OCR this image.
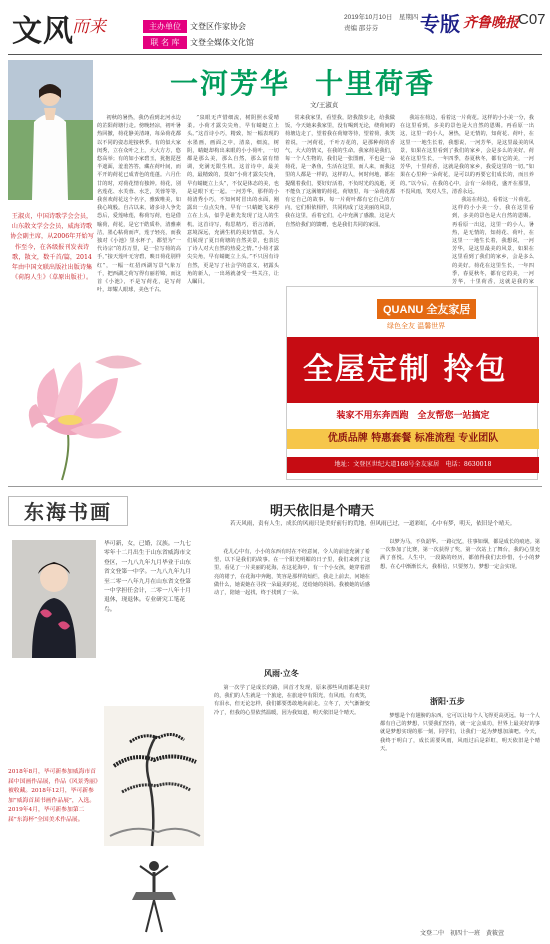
文风
而来	主办单位	文登区作家协会
联 名 库	文登全媒体文化馆
2019年10月10日　星期四
责编 邵芬芬 专版 齐鲁晚报 C07
一河芳华 十里荷香
文/王淑贞
王淑贞，中国诗歌学会会员，山东散文学会会员，威海诗歌协会副主席，从2006年开始写作至今，在各级报刊发表诗歌，散文，数千首/篇，2014年由中国文联出版社出版诗集《荷韵人生》（草原出版社）。

初秋的暑热，我仍看到北河水边的芷阳荷塘行走。傍晚轻凉，初叶暑热回撤，荷花静美清翊，每朵荷花都以不同的姿态迎接秋季。有的似大家闺秀，立在众叶之上，大大方方，悠悠高举；有的如小家碧玉，犹抱琵琶半遮面，羞羞答答，藏在荷叶间，而平开的荷花已成青色的莲蓬。六月仕廿的时，对荷花情有独钟。荷花，别名莲花、水芙蓉、水芝，芙蓉等等，我喜欢荷花这个名字，雅致唯美，如我心境般。自古以来，诸多诗人争先恐后，爱莲咏莲，称荷写荷，也是借喻荷，荷花，是它干皓质朴，清雅素洁，墨心粘荷而声，莲子轻亮，而我独对《小池》里水杯子，都望为”一代诗宗”的苏万里，是一位写荷的高手，”接天莲叶无穷碧，映日荷花别样红”，一幅一红招西湖写景气象万千，把西湖之荷写得有丽若锦，而这首《小池》，不是写荷花，是写荷叶，却耀人眼球，美色千古。

”泉眼无声惜细流，树阴照水爱晴柔。小荷才露尖尖角，早有蜻蜓立上头。”这首诗小巧，精致，短一幅表现的水墨画，画面之中，清泉，细流，树阴，蜻蜓却构出来眼的小小荷叶，一切都是那么美，那么自然，那么富有情调，充满无限生机。这首诗中，最美的，最精致的，莫如”小荷才露尖尖角，早有蜻蜓立上头”，不仅是体态的美，也是是眼下无一起。一河芳华，那样的小荷清秀小巧，不知何时冒出的水面，刚露出一点点尖角，早有一只蜻蜓飞来停立在上头，似乎是谁先发现了这人的生机。这首诗写，构思精巧，语言清新，意境深远，充满生机的美好情意，为人们展现了夏日荷塘的自然美景，也表达了诗人对大自然的热爱之情。”小荷才露尖尖角，早有蜻蜓立上头。”不只因有诗自然，更是写了社会学的意义，初露头角的新人，一出场就备受一些关注，让人瞩目。

常来我家里，看望我，陪我散步走，给我做饭，今天她来我家里，没有喝到无论，绕荷间的荷塘边走了，望着我在荷塘等待，望着荷，我笑着说，一河荷花，千叶万花的，是那种荷的香气，大大的情义，在我的生命。我家荷是我们，每一个人生物的，我们是一张图画，平也是一朵荷花，是一条鱼，生活在这里，而人来，而我这里的人都是一样的，这样的人，何时何地，都在提醒着我们，要好好活着，不负时光的流逝，更不能负了这满塘的荷花。荷塘里，每一朵荷花都有它自己的故事，每一片荷叶都有它自己的方向，它们相依相伴，共同构成了这美丽的风景，我在这里，看着它们，心中充满了感激，这是大自然给我们的馈赠，也是我们共同的家园。

我站在荷边，看着这一片荷花。这样的小小美一分，我在这里看到，多美的景色是大自然的恩赐。再看原一出这，这里一的小人，暑热，是无情的，知荷花、荷叶，在这里一一地生长着，我想说，一河芳华，是这里最美的风景，如果在这里看到了我们的家乡，会是多么的美好。荷花在这里生长，一年四季，春夏秋冬，都有它的美，一河芳华，十里荷香，这就是我的家乡，我爱这里的一切。”如果在心里种一朵荷花，是可以的再要它们成长的，而且养的。”以今后，在我的心中，会有一朵荷花，盛开在那里，不畏风雨，笑对人生，清香永远。

我站在荷边，看着这一片荷花。这样的小小美一分，我在这里看到，多美的景色是大自然的恩赐。再看原一出这，这里一的小人，暑热，是无情的，知荷花、荷叶，在这里一一地生长着，我想说，一河芳华，是这里最美的风景，如果在这里看到了我们的家乡，会是多么的美好。荷花在这里生长，一年四季，春夏秋冬，都有它的美，一河芳华，十里荷香，这就是我的家

QUANU 全友家居
绿色全友 温馨世界
全屋定制 拎包
装家不用东奔西跑　全友帮您一站搞定
优质品牌 特惠套餐 标准流程 专业团队
地址：文登区世纪大道168号全友家居　电话：8630018
东海书画	明天依旧是个晴天
若天风雨，责有人生，成长的风雨只是美好前行的荒地，但风雨已过，一道彩虹，心中有梦，明天，依旧是个晴天。
毕可新，女，已婚，汉族。一九七零年十二月出生于山东省威海市文登区，一九八九年九月毕业于山东省文登第一中学。一九八九年九月至二零一八年九月在山东省文登第一中学担任会计，二零一八年十月退休，现退休。专业研究工笔花鸟。
2018年8月，毕可新参加威海市首届中国画作品展，作品《风景秀丽》被收藏。2018年12月，毕可新参加”威海首届书画作品展”，入选。2019年4月，毕可新参加第二届”东海杯”全国美术作品展。

花儿心中有，小小的东西有时在不经意间，令人的前途充满了希望，以下是我们的故事。在一个阳光明媚的日子里，我们来到了这里，看见了一片美丽的花海，在这花海中，有一个小女孩，她穿着漂亮的裙子，在花海中奔跑，笑容是那样的灿烂，我走上前去，问她在做什么，她说她在寻找一朵最美的花，送给她的妈妈。我被她的话感动了，陪她一起找，终于找到了一朵。

风雨·立冬

第一次学了是成长的路，回首才发现，原来那些风雨都是美好的，我们的人生就是一个旅途，在旅途中有阳光，有风雨，有欢笑，有泪水，但无论怎样，我们都要勇敢地向前走。立冬了，天气渐渐变冷了，但我的心里依然温暖，因为我知道，明天依旧是个晴天。

以梦为马，不负韶华。一路记忆，往事如烟，都是成长的痕迹。第一次参加了比赛，第一次获得了奖，第一次站上了舞台，我的心里充满了喜悦。人生中，一段路的经历，都值得我们去珍惜，小小的梦想，在心中渐渐长大，我相信，只要努力，梦想一定会实现。

浙阳·五步

梦想是个有翅膀的东西，它可以让每个人飞得更高更远。每一个人都有自己的梦想，只要我们坚持，就一定会成功，世界上最美好的事就是梦想实现的那一刻，同学们，让我们一起为梦想加油吧。今天，我终于明白了，成长需要风雨，风雨过后是彩虹，明天依旧是个晴天。

文登二中　初四十一班　黄筱萱
